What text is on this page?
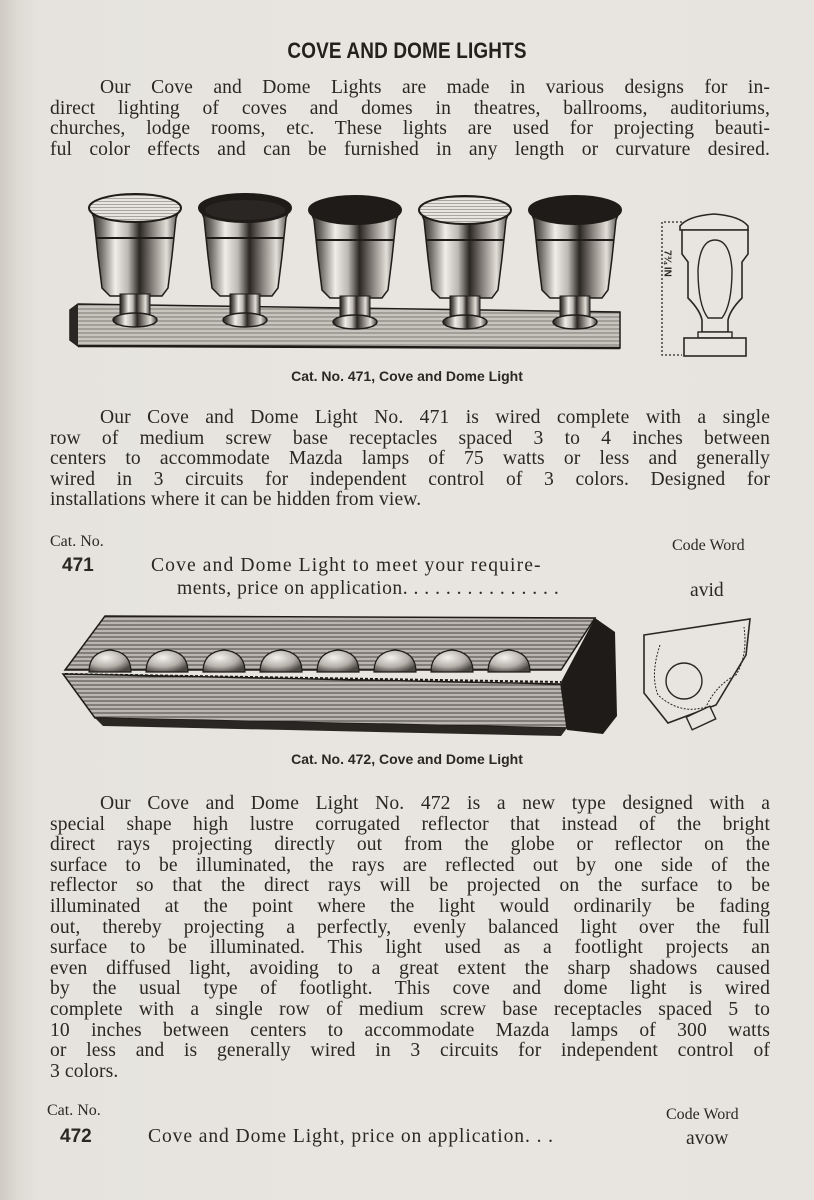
COVE AND DOME LIGHTS
Our Cove and Dome Lights are made in various designs for in-
direct lighting of coves and domes in theatres, ballrooms, auditoriums,
churches, lodge rooms, etc. These lights are used for projecting beauti-
ful color effects and can be furnished in any length or curvature desired.
7¾ IN
Cat. No. 471, Cove and Dome Light
Our Cove and Dome Light No. 471 is wired complete with a single
row of medium screw base receptacles spaced 3 to 4 inches between
centers to accommodate Mazda lamps of 75 watts or less and generally
wired in 3 circuits for independent control of 3 colors. Designed for
installations where it can be hidden from view.
Cat. No.	Code Word
471	Cove and Dome Light to meet your require-
ments, price on application. . . . . . . . . . . . . . .	avid
Cat. No. 472, Cove and Dome Light
Our Cove and Dome Light No. 472 is a new type designed with a
special shape high lustre corrugated reflector that instead of the bright
direct rays projecting directly out from the globe or reflector on the
surface to be illuminated, the rays are reflected out by one side of the
reflector so that the direct rays will be projected on the surface to be
illuminated at the point where the light would ordinarily be fading
out, thereby projecting a perfectly, evenly balanced light over the full
surface to be illuminated. This light used as a footlight projects an
even diffused light, avoiding to a great extent the sharp shadows caused
by the usual type of footlight. This cove and dome light is wired
complete with a single row of medium screw base receptacles spaced 5 to
10 inches between centers to accommodate Mazda lamps of 300 watts
or less and is generally wired in 3 circuits for independent control of
3 colors.
Cat. No.	Code Word
472	Cove and Dome Light, price on application. . .	avow
